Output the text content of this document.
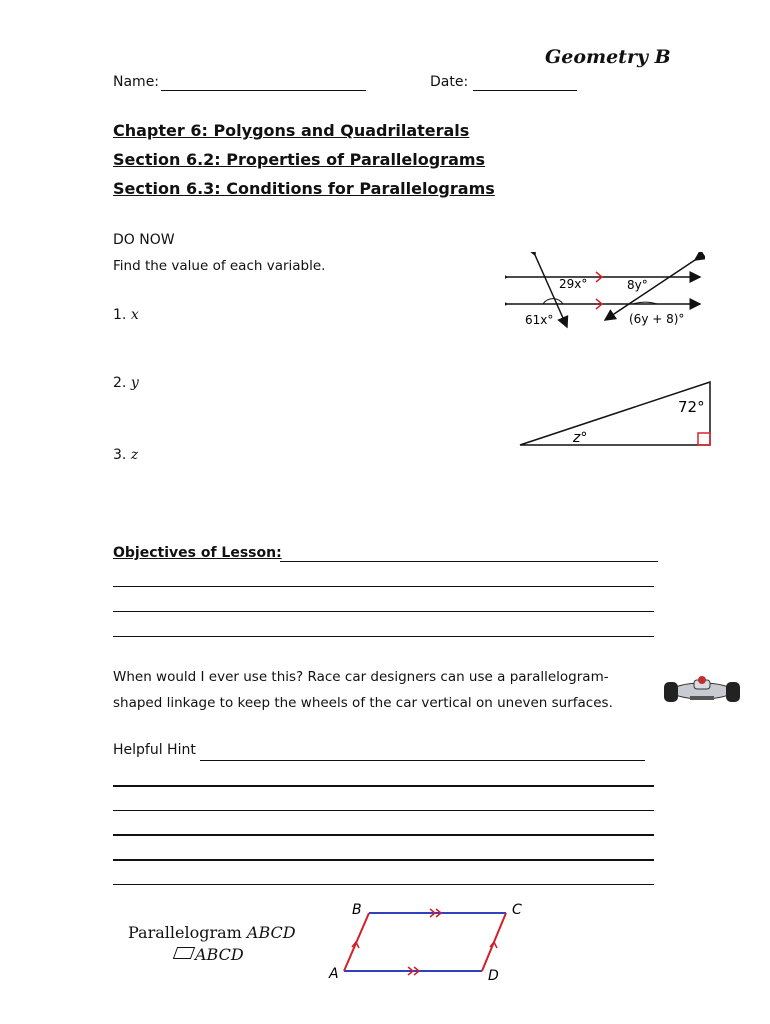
Geometry B
Name:	Date:
Chapter 6: Polygons and Quadrilaterals
Section 6.2: Properties of Parallelograms
Section 6.3: Conditions for Parallelograms
DO NOW
Find the value of each variable.
1. x
2. y
3. z
29x°	8y°
61x°	(6y + 8)°
72°
z°
Objectives of Lesson:
When would I ever use this? Race car designers can use a parallelogram-
shaped linkage to keep the wheels of the car vertical on uneven surfaces.
Helpful Hint
Parallelogram ABCD
ABCD
B	C
A	D
